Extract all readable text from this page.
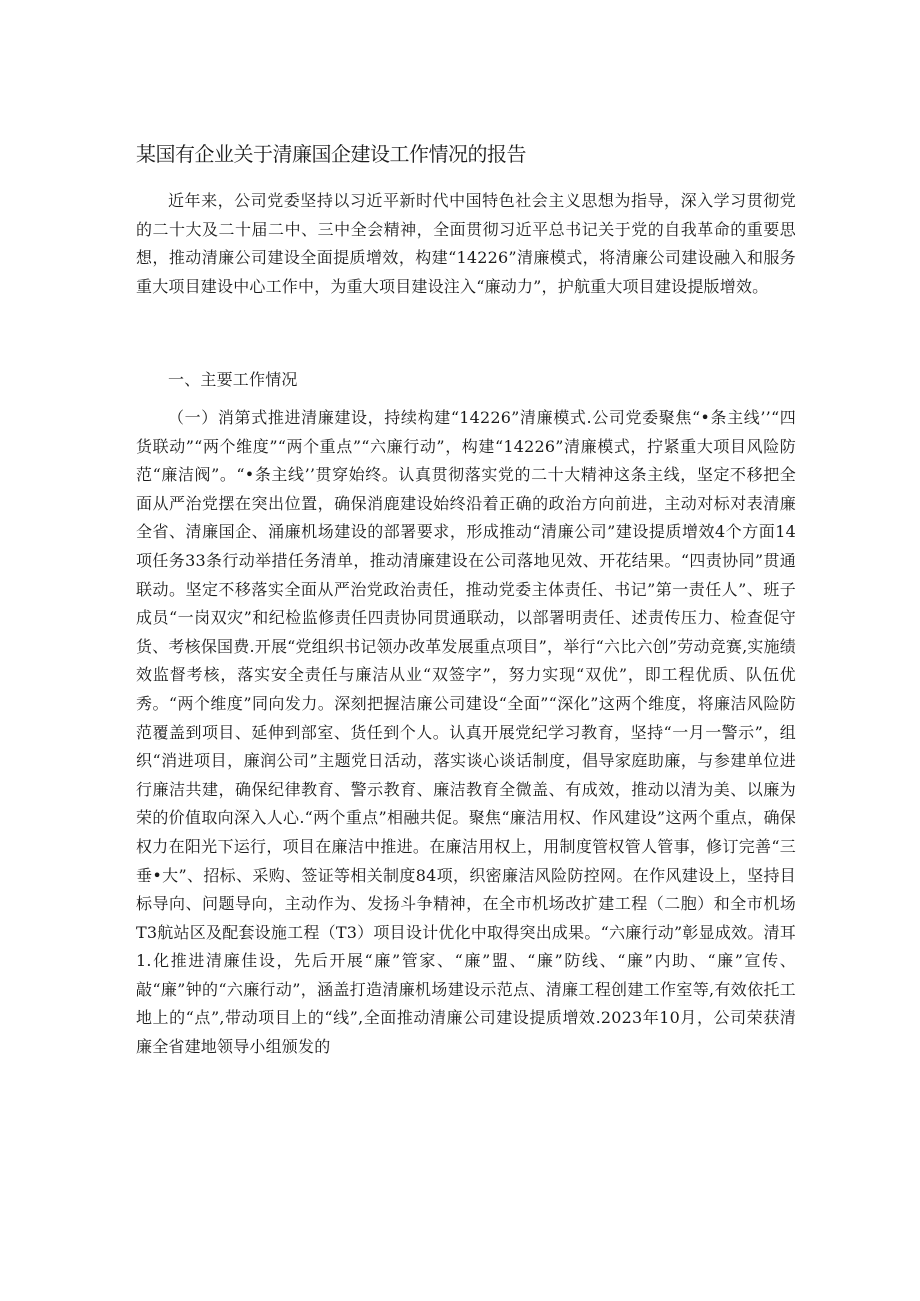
某国有企业关于清廉国企建设工作情况的报告

近年来，公司党委坚持以习近平新时代中国特色社会主义思想为指导，深入学习贯彻党的二十大及二十届二中、三中全会精神，全面贯彻习近平总书记关于党的自我革命的重要思想，推动清廉公司建设全面提质增效，构建“14226”清廉模式，将清廉公司建设融入和服务重大项目建设中心工作中，为重大项目建设注入“廉动力”，护航重大项目建设提版增效。

一、主要工作情况

（一）消第式推进清廉建设，持续构建“14226”清廉模式.公司党委聚焦“•条主线’’“四货联动”“两个维度”“两个重点”“六廉行动”，构建“14226”清廉模式，拧紧重大项目风险防范“廉洁阀”。“•条主线’’贯穿始终。认真贯彻落实党的二十大精神这条主线，坚定不移把全面从严治党摆在突出位置，确保消鹿建设始终沿着正确的政治方向前进，主动对标对表清廉全省、清廉国企、涌廉机场建设的部署要求，形成推动“清廉公司”建设提质增效4个方面14项任务33条行动举措任务清单，推动清廉建设在公司落地见效、开花结果。“四责协同”贯通联动。坚定不移落实全面从严治党政治责任，推动党委主体责任、书记”第一责任人”、班子成员“一岗双灾”和纪检监修责任四责协同贯通联动，以部署明责任、述责传压力、检查促守货、考核保国费.开展“党组织书记领办改革发展重点项目”，举行“六比六创”劳动竞赛,实施绩效监督考核，落实安全责任与廉洁从业“双签字”，努力实现“双优”，即工程优质、队伍优秀。“两个维度”同向发力。深刻把握洁廉公司建设“全面”“深化”这两个维度，将廉洁风险防范覆盖到项目、延伸到部室、货任到个人。认真开展党纪学习教育，坚持“一月一警示”，组织“消进项目，廉润公司”主题党日活动，落实谈心谈话制度，倡导家庭助廉，与参建单位进行廉洁共建，确保纪律教育、警示教育、廉洁教育全微盖、有成效，推动以清为美、以廉为荣的价值取向深入人心.“两个重点”相融共促。聚焦“廉洁用权、作风建设”这两个重点，确保权力在阳光下运行，项目在廉洁中推进。在廉洁用权上，用制度管权管人管事，修订完善“三垂•大”、招标、采购、签证等相关制度84项，织密廉洁风险防控网。在作风建设上，坚持目标导向、问题导向，主动作为、发扬斗争精神，在全市机场改扩建工程（二胞）和全市机场T3航站区及配套设施工程（T3）项目设计优化中取得突出成果。“六廉行动”彰显成效。清耳1.化推进清廉佳设，先后开展“廉”管家、“廉”盟、“廉”防线、“廉”内助、“廉”宣传、敲“廉”钟的“六廉行动”，涵盖打造清廉机场建设示范点、清廉工程创建工作室等,有效依托工地上的“点”,带动项目上的“线”,全面推动清廉公司建设提质增效.2023年10月，公司荣获清廉全省建地领导小组颁发的
